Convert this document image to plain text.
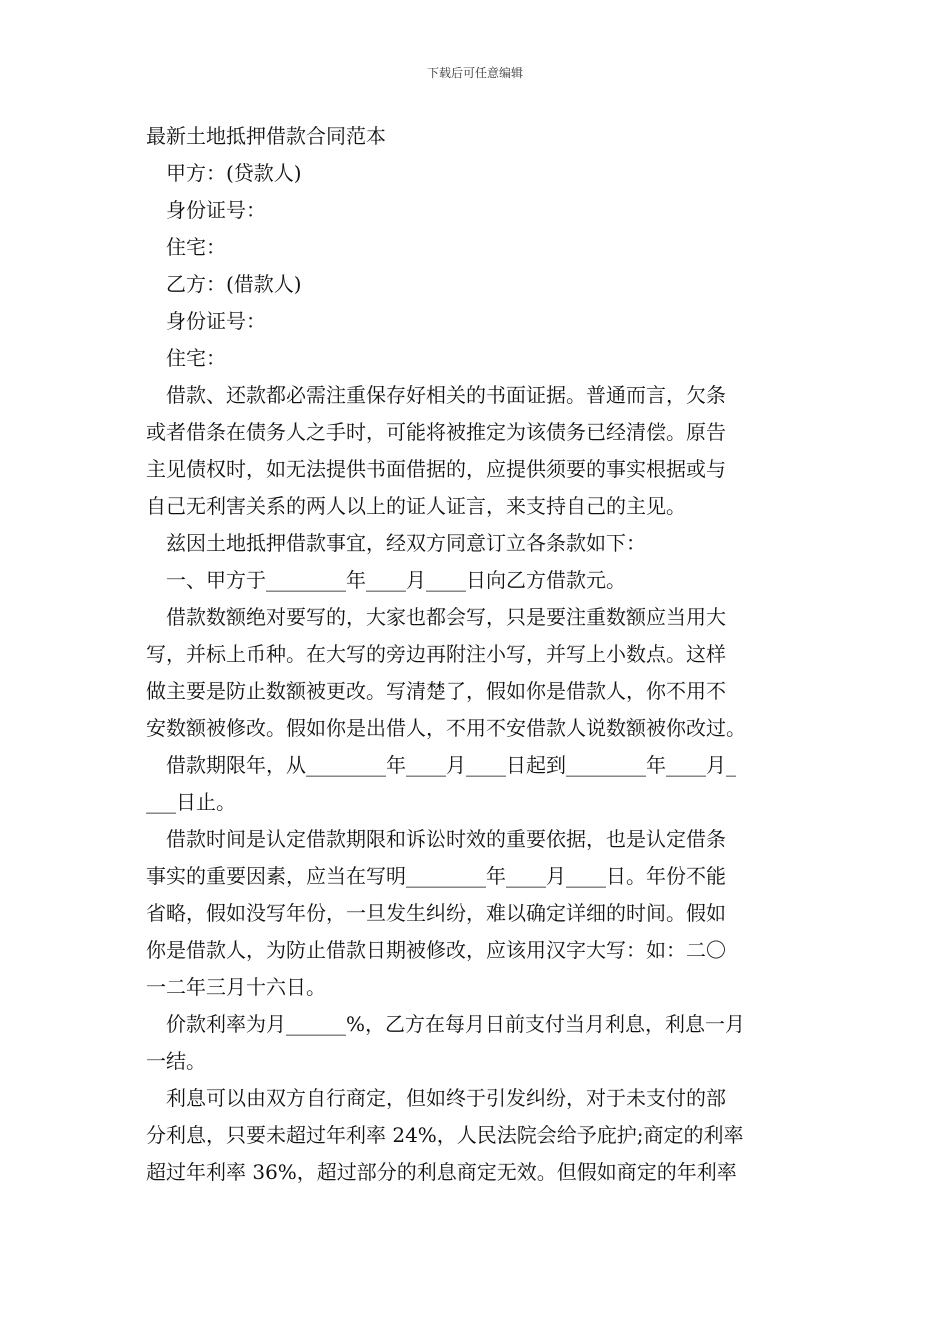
下载后可任意编辑
最新土地抵押借款合同范本

甲方：(贷款人)

身份证号：

住宅：

乙方：(借款人)

身份证号：

住宅：

　借款、还款都必需注重保存好相关的书面证据。普通而言，欠条
或者借条在债务人之手时，可能将被推定为该债务已经清偿。原告
主见债权时，如无法提供书面借据的，应提供须要的事实根据或与
自己无利害关系的两人以上的证人证言，来支持自己的主见。

兹因土地抵押借款事宜，经双方同意订立各条款如下：

一、甲方于________年____月____日向乙方借款元。

　借款数额绝对要写的，大家也都会写，只是要注重数额应当用大
写，并标上币种。在大写的旁边再附注小写，并写上小数点。这样
做主要是防止数额被更改。写清楚了，假如你是借款人，你不用不
安数额被修改。假如你是出借人，不用不安借款人说数额被你改过。

　借款期限年，从________年____月____日起到________年____月_
___日止。

　借款时间是认定借款期限和诉讼时效的重要依据，也是认定借条
事实的重要因素，应当在写明________年____月____日。年份不能
省略，假如没写年份，一旦发生纠纷，难以确定详细的时间。假如
你是借款人，为防止借款日期被修改，应该用汉字大写：如：二〇
一二年三月十六日。

　价款利率为月______%，乙方在每月日前支付当月利息，利息一月
一结。

　利息可以由双方自行商定，但如终于引发纠纷，对于未支付的部
分利息，只要未超过年利率 24%，人民法院会给予庇护;商定的利率
超过年利率 36%，超过部分的利息商定无效。但假如商定的年利率
